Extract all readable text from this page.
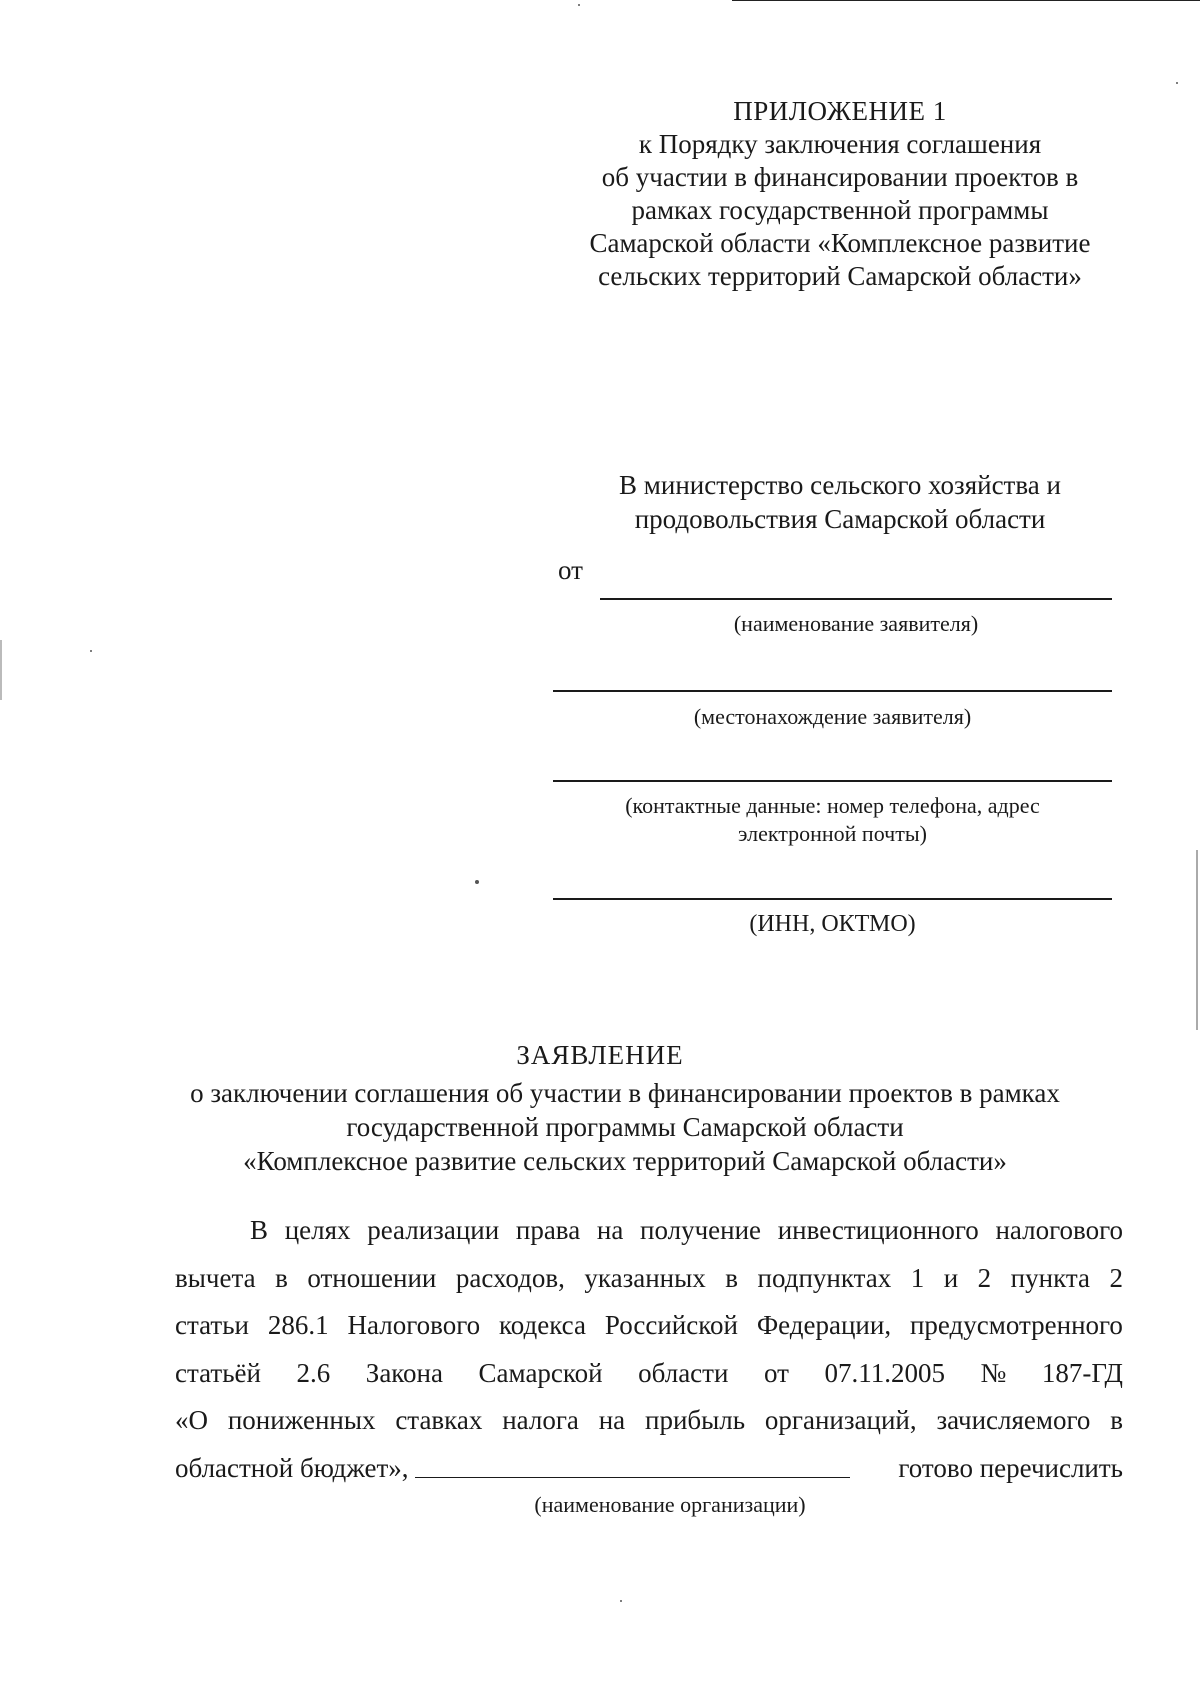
ПРИЛОЖЕНИЕ 1
к Порядку заключения соглашения
об участии в финансировании проектов в
рамках государственной программы
Самарской области «Комплексное развитие
сельских территорий Самарской области»
В министерство сельского хозяйства и
продовольствия Самарской области
от
(наименование заявителя)
(местонахождение заявителя)
(контактные данные: номер телефона, адрес
электронной почты)
(ИНН, ОКТМО)
ЗАЯВЛЕНИЕ
о заключении соглашения об участии в финансировании проектов в рамках
государственной программы Самарской области
«Комплексное развитие сельских территорий Самарской области»
В целях реализации права на получение инвестиционного налогового
вычета в отношении расходов, указанных в подпунктах 1 и 2 пункта 2
статьи 286.1 Налогового кодекса Российской Федерации, предусмотренного
статьёй 2.6 Закона Самарской области от 07.11.2005 № 187-ГД
«О пониженных ставках налога на прибыль организаций, зачисляемого в
областной бюджет»,	готово перечислить
(наименование организации)
